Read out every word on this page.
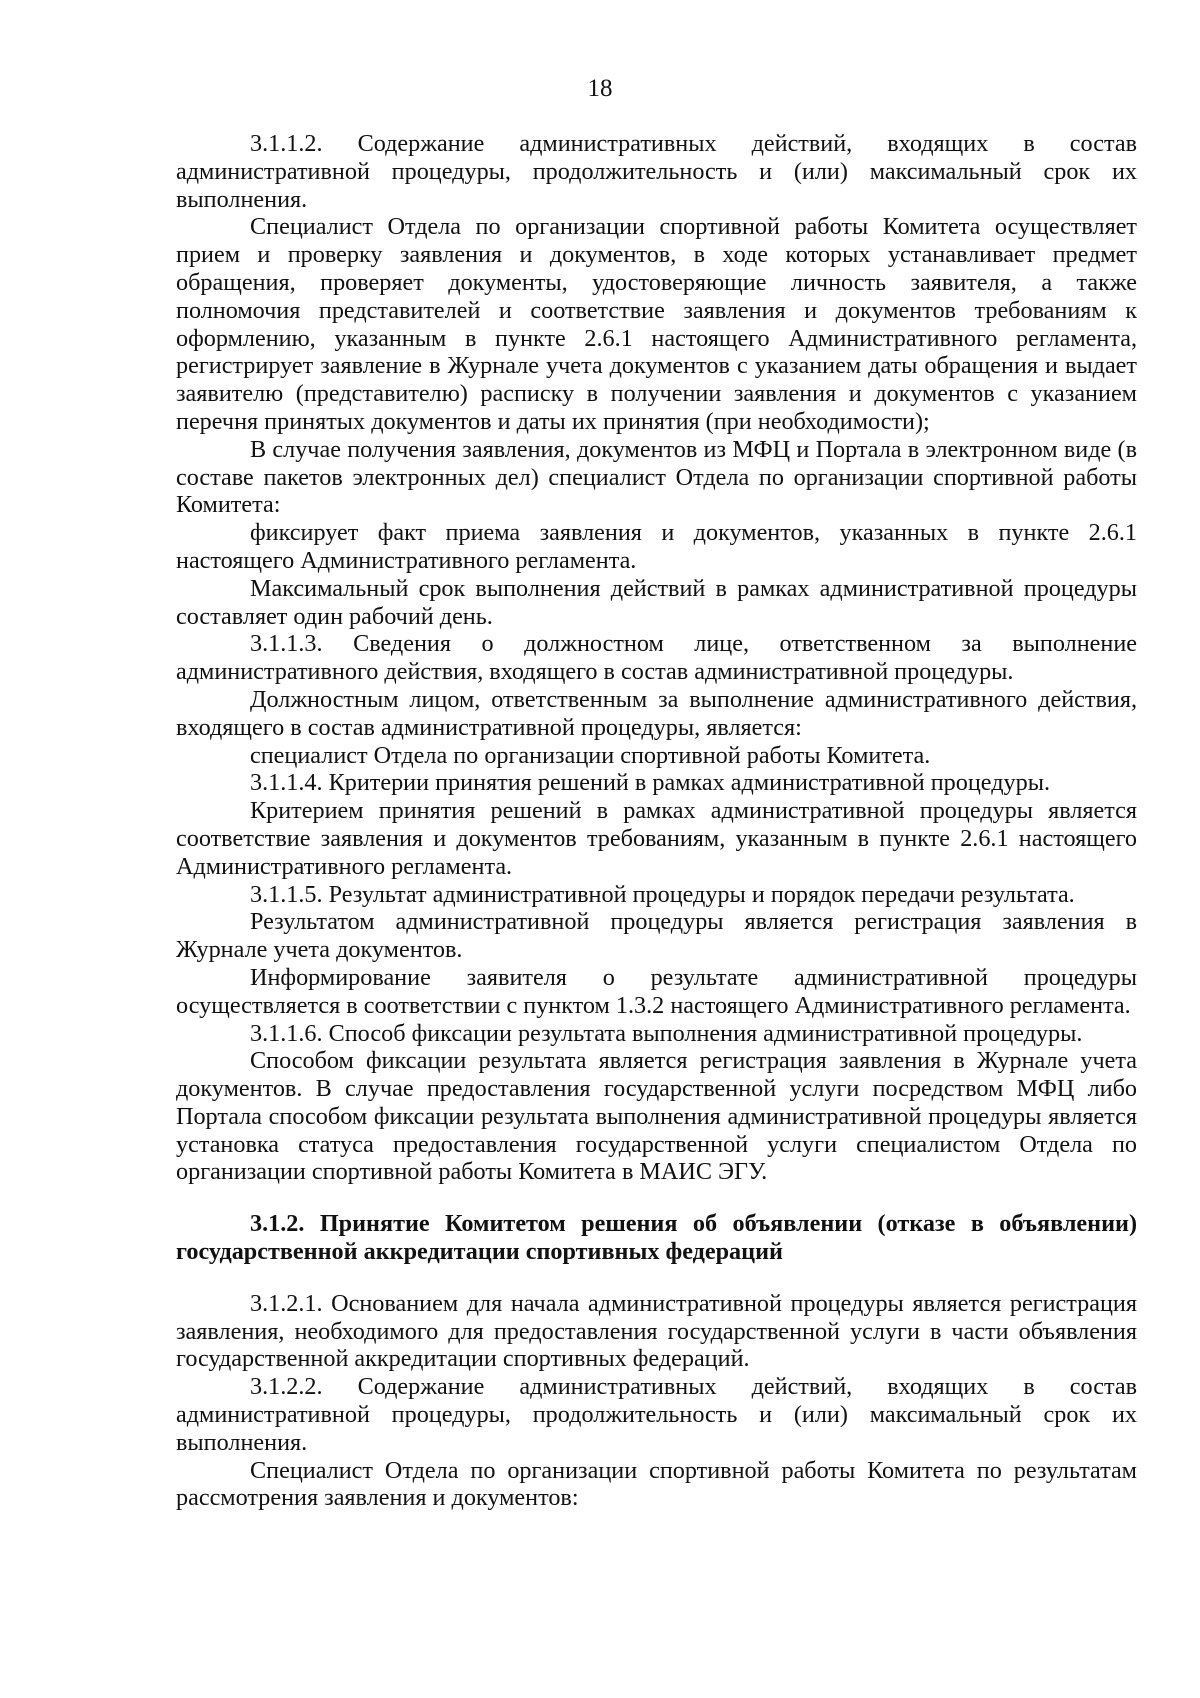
18

3.1.1.2. Содержание административных действий, входящих в состав административной процедуры, продолжительность и (или) максимальный срок их выполнения.

Специалист Отдела по организации спортивной работы Комитета осуществляет прием и проверку заявления и документов, в ходе которых устанавливает предмет обращения, проверяет документы, удостоверяющие личность заявителя, а также полномочия представителей и соответствие заявления и документов требованиям к оформлению, указанным в пункте 2.6.1 настоящего Административного регламента, регистрирует заявление в Журнале учета документов с указанием даты обращения и выдает заявителю (представителю) расписку в получении заявления и документов с указанием перечня принятых документов и даты их принятия (при необходимости);

В случае получения заявления, документов из МФЦ и Портала в электронном виде (в составе пакетов электронных дел) специалист Отдела по организации спортивной работы Комитета:

фиксирует факт приема заявления и документов, указанных в пункте 2.6.1 настоящего Административного регламента.

Максимальный срок выполнения действий в рамках административной процедуры составляет один рабочий день.

3.1.1.3. Сведения о должностном лице, ответственном за выполнение административного действия, входящего в состав административной процедуры.

Должностным лицом, ответственным за выполнение административного действия, входящего в состав административной процедуры, является:

специалист Отдела по организации спортивной работы Комитета.

3.1.1.4. Критерии принятия решений в рамках административной процедуры.

Критерием принятия решений в рамках административной процедуры является соответствие заявления и документов требованиям, указанным в пункте 2.6.1 настоящего Административного регламента.

3.1.1.5. Результат административной процедуры и порядок передачи результата.

Результатом административной процедуры является регистрация заявления в Журнале учета документов.

Информирование заявителя о результате административной процедуры осуществляется в соответствии с пунктом 1.3.2 настоящего Административного регламента.

3.1.1.6. Способ фиксации результата выполнения административной процедуры.

Способом фиксации результата является регистрация заявления в Журнале учета документов. В случае предоставления государственной услуги посредством МФЦ либо Портала способом фиксации результата выполнения административной процедуры является установка статуса предоставления государственной услуги специалистом Отдела по организации спортивной работы Комитета в МАИС ЭГУ.

3.1.2. Принятие Комитетом решения об объявлении (отказе в объявлении) государственной аккредитации спортивных федераций

3.1.2.1. Основанием для начала административной процедуры является регистрация заявления, необходимого для предоставления государственной услуги в части объявления государственной аккредитации спортивных федераций.

3.1.2.2. Содержание административных действий, входящих в состав административной процедуры, продолжительность и (или) максимальный срок их выполнения.

Специалист Отдела по организации спортивной работы Комитета по результатам рассмотрения заявления и документов:
